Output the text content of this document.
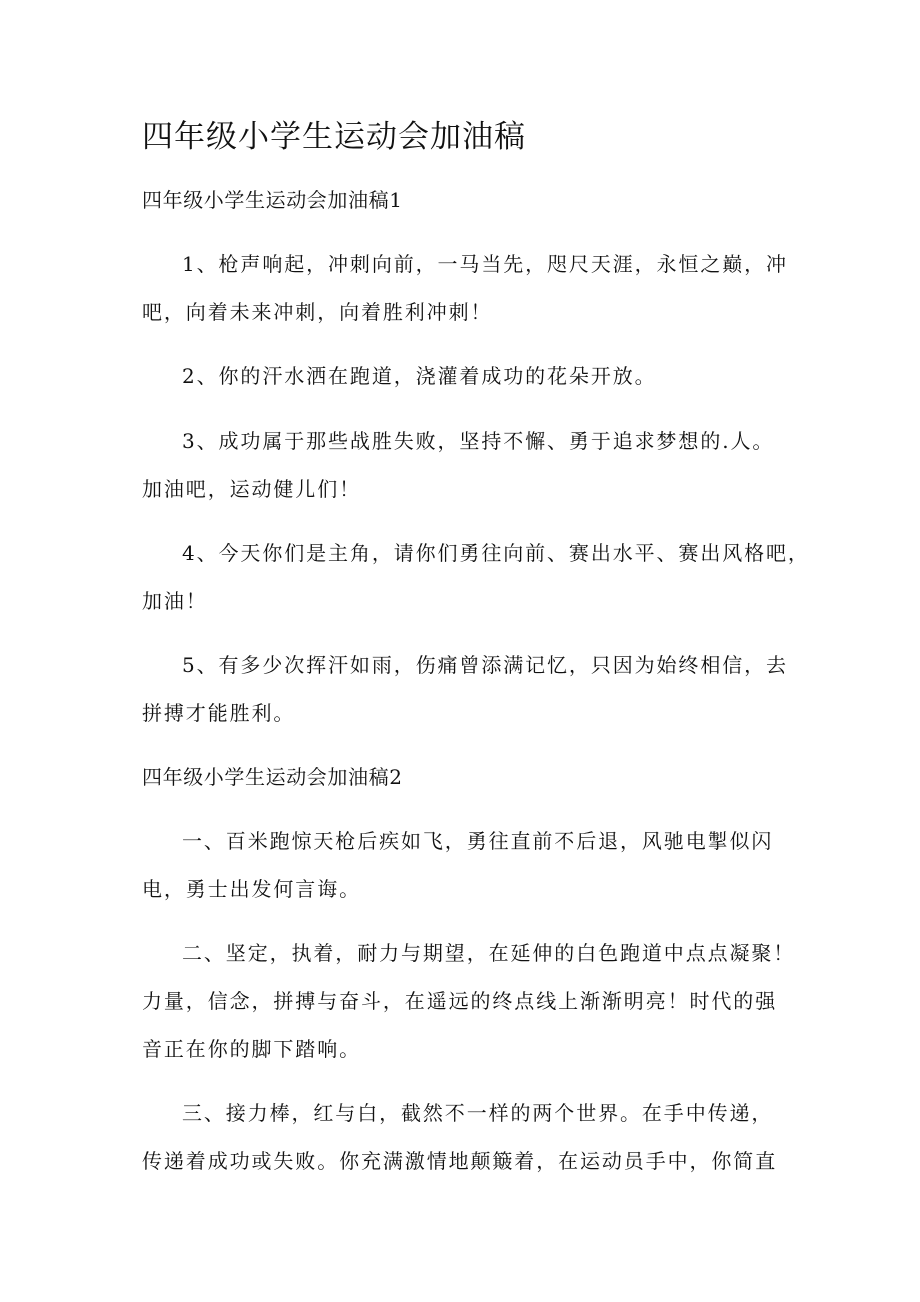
四年级小学生运动会加油稿
四年级小学生运动会加油稿1
1、枪声响起，冲刺向前，一马当先，咫尺天涯，永恒之巅，冲
吧，向着未来冲刺，向着胜利冲刺！
2、你的汗水洒在跑道，浇灌着成功的花朵开放。
3、成功属于那些战胜失败，坚持不懈、勇于追求梦想的.人。
加油吧，运动健儿们！
4、今天你们是主角，请你们勇往向前、赛出水平、赛出风格吧，
加油！
5、有多少次挥汗如雨，伤痛曾添满记忆，只因为始终相信，去
拼搏才能胜利。
四年级小学生运动会加油稿2
一、百米跑惊天枪后疾如飞，勇往直前不后退，风驰电掣似闪
电，勇士出发何言诲。
二、坚定，执着，耐力与期望，在延伸的白色跑道中点点凝聚！
力量，信念，拼搏与奋斗，在遥远的终点线上渐渐明亮！时代的强
音正在你的脚下踏响。
三、接力棒，红与白，截然不一样的两个世界。在手中传递，
传递着成功或失败。你充满激情地颠簸着，在运动员手中，你简直
